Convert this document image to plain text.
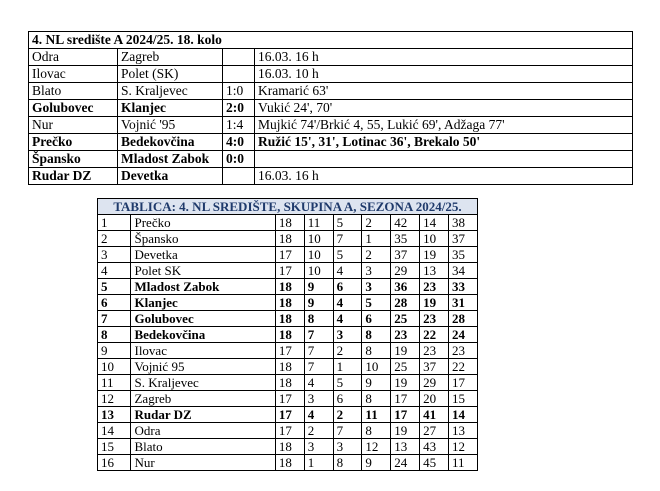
4. NL središte A 2024/25. 18. kolo			
Odra	Zagreb		16.03. 16 h
Ilovac	Polet (SK)		16.03. 10 h
Blato	S. Kraljevec	1:0	Kramarić 63'
Golubovec	Klanjec	2:0	Vukić 24', 70'
Nur	Vojnić '95	1:4	Mujkić 74'/Brkić 4, 55, Lukić 69', Adžaga 77'
Prečko	Bedekovčina	4:0	Ružić 15', 31', Lotinac 36', Brekalo 50'
Špansko	Mladost Zabok	0:0	
Rudar DZ	Devetka		16.03. 16 h
TABLICA: 4. NL SREDIŠTE, SKUPINA A, SEZONA 2024/25.								
1	Prečko	18	11	5	2	42	14	38
2	Špansko	18	10	7	1	35	10	37
3	Devetka	17	10	5	2	37	19	35
4	Polet SK	17	10	4	3	29	13	34
5	Mladost Zabok	18	9	6	3	36	23	33
6	Klanjec	18	9	4	5	28	19	31
7	Golubovec	18	8	4	6	25	23	28
8	Bedekovčina	18	7	3	8	23	22	24
9	Ilovac	17	7	2	8	19	23	23
10	Vojnić 95	18	7	1	10	25	37	22
11	S. Kraljevec	18	4	5	9	19	29	17
12	Zagreb	17	3	6	8	17	20	15
13	Rudar DZ	17	4	2	11	17	41	14
14	Odra	17	2	7	8	19	27	13
15	Blato	18	3	3	12	13	43	12
16	Nur	18	1	8	9	24	45	11
